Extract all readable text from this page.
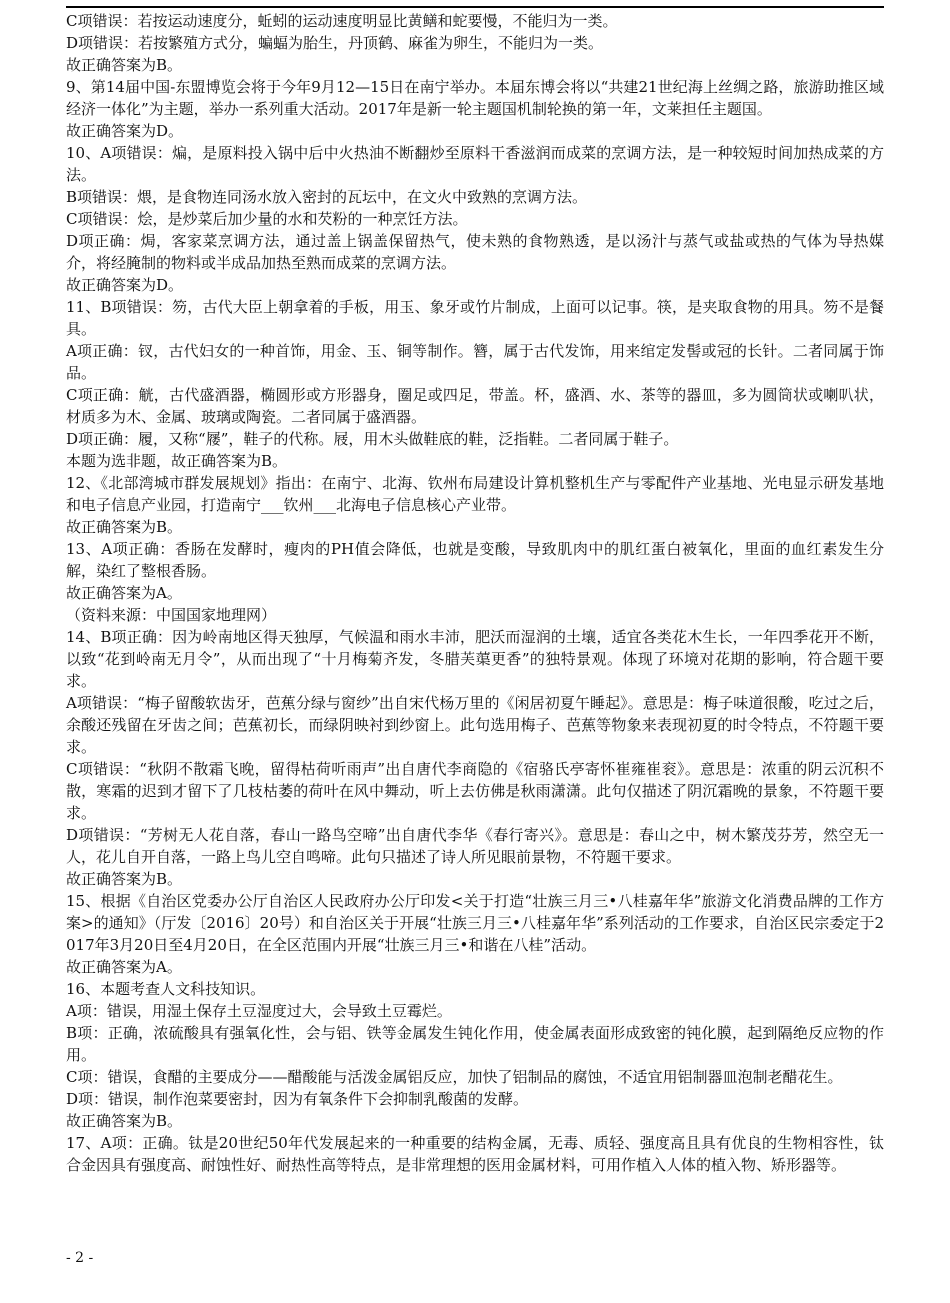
C项错误：若按运动速度分，蚯蚓的运动速度明显比黄鳝和蛇要慢，不能归为一类。

D项错误：若按繁殖方式分，蝙蝠为胎生，丹顶鹤、麻雀为卵生，不能归为一类。

故正确答案为B。

9、第14届中国-东盟博览会将于今年9月12—15日在南宁举办。本届东博会将以“共建21世纪海上丝绸之路，旅游助推区域经济一体化”为主题，举办一系列重大活动。2017年是新一轮主题国机制轮换的第一年，文莱担任主题国。

故正确答案为D。

10、A项错误：煸，是原料投入锅中后中火热油不断翻炒至原料干香滋润而成菜的烹调方法，是一种较短时间加热成菜的方法。

B项错误：煨，是食物连同汤水放入密封的瓦坛中，在文火中致熟的烹调方法。

C项错误：烩，是炒菜后加少量的水和芡粉的一种烹饪方法。

D项正确：焗，客家菜烹调方法，通过盖上锅盖保留热气，使未熟的食物熟透，是以汤汁与蒸气或盐或热的气体为导热媒介，将经腌制的物料或半成品加热至熟而成菜的烹调方法。

故正确答案为D。

11、B项错误：笏，古代大臣上朝拿着的手板，用玉、象牙或竹片制成，上面可以记事。筷，是夹取食物的用具。笏不是餐具。

A项正确：钗，古代妇女的一种首饰，用金、玉、铜等制作。簪，属于古代发饰，用来绾定发髻或冠的长针。二者同属于饰品。

C项正确：觥，古代盛酒器，椭圆形或方形器身，圈足或四足，带盖。杯，盛酒、水、茶等的器皿，多为圆筒状或喇叭状，材质多为木、金属、玻璃或陶瓷。二者同属于盛酒器。

D项正确：履，又称“屦”，鞋子的代称。屐，用木头做鞋底的鞋，泛指鞋。二者同属于鞋子。

本题为选非题，故正确答案为B。

12、《北部湾城市群发展规划》指出：在南宁、北海、钦州布局建设计算机整机生产与零配件产业基地、光电显示研发基地和电子信息产业园，打造南宁___钦州___北海电子信息核心产业带。

故正确答案为B。

13、A项正确：香肠在发酵时，瘦肉的PH值会降低，也就是变酸，导致肌肉中的肌红蛋白被氧化，里面的血红素发生分解，染红了整根香肠。

故正确答案为A。

（资料来源：中国国家地理网）

14、B项正确：因为岭南地区得天独厚，气候温和雨水丰沛，肥沃而湿润的土壤，适宜各类花木生长，一年四季花开不断，以致“花到岭南无月令”，从而出现了“十月梅菊齐发，冬腊芙蕖更香”的独特景观。体现了环境对花期的影响，符合题干要求。

A项错误：“梅子留酸软齿牙，芭蕉分绿与窗纱”出自宋代杨万里的《闲居初夏午睡起》。意思是：梅子味道很酸，吃过之后，余酸还残留在牙齿之间；芭蕉初长，而绿阴映衬到纱窗上。此句选用梅子、芭蕉等物象来表现初夏的时令特点，不符题干要求。

C项错误：“秋阴不散霜飞晚，留得枯荷听雨声”出自唐代李商隐的《宿骆氏亭寄怀崔雍崔衮》。意思是：浓重的阴云沉积不散，寒霜的迟到才留下了几枝枯萎的荷叶在风中舞动，听上去仿佛是秋雨潇潇。此句仅描述了阴沉霜晚的景象，不符题干要求。

D项错误：“芳树无人花自落，春山一路鸟空啼”出自唐代李华《春行寄兴》。意思是：春山之中，树木繁茂芬芳，然空无一人，花儿自开自落，一路上鸟儿空自鸣啼。此句只描述了诗人所见眼前景物，不符题干要求。

故正确答案为B。

15、根据《自治区党委办公厅自治区人民政府办公厅印发<关于打造“壮族三月三•八桂嘉年华”旅游文化消费品牌的工作方案>的通知》（厅发〔2016〕20号）和自治区关于开展“壮族三月三•八桂嘉年华”系列活动的工作要求，自治区民宗委定于2017年3月20日至4月20日，在全区范围内开展“壮族三月三•和谐在八桂”活动。

故正确答案为A。

16、本题考查人文科技知识。

A项：错误，用湿土保存土豆湿度过大，会导致土豆霉烂。

B项：正确，浓硫酸具有强氧化性，会与铝、铁等金属发生钝化作用，使金属表面形成致密的钝化膜，起到隔绝反应物的作用。

C项：错误，食醋的主要成分——醋酸能与活泼金属铝反应，加快了铝制品的腐蚀，不适宜用铝制器皿泡制老醋花生。

D项：错误，制作泡菜要密封，因为有氧条件下会抑制乳酸菌的发酵。

故正确答案为B。

17、A项：正确。钛是20世纪50年代发展起来的一种重要的结构金属，无毒、质轻、强度高且具有优良的生物相容性，钛合金因具有强度高、耐蚀性好、耐热性高等特点，是非常理想的医用金属材料，可用作植入人体的植入物、矫形器等。

- 2 -
